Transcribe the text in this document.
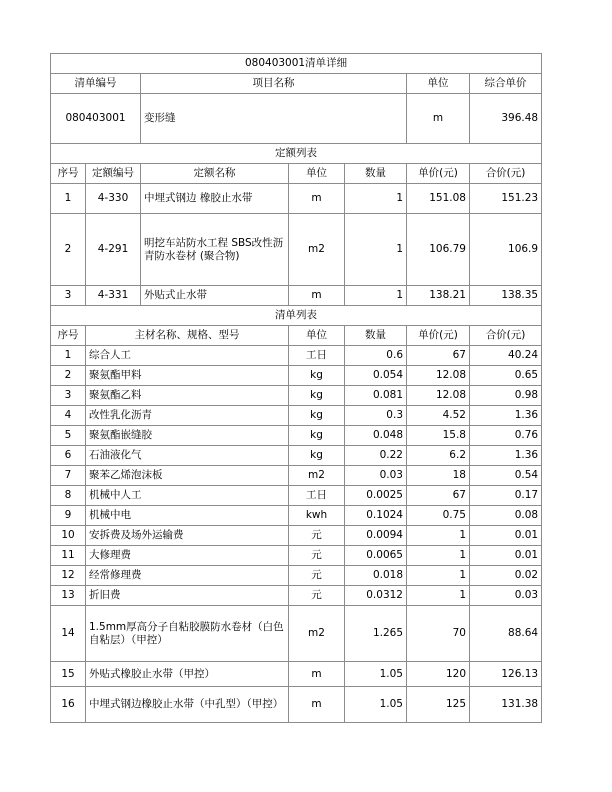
080403001清单详细						
清单编号		项目名称			单位	综合单价
080403001		变形缝			m	396.48
定额列表						
序号	定额编号	定额名称	单位	数量	单价(元)	合价(元)
1	4-330	中埋式钢边 橡胶止水带	m	1	151.08	151.23
2	4-291	明挖车站防水工程 SBS改性沥青防水卷材 (聚合物)	m2	1	106.79	106.9
3	4-331	外贴式止水带	m	1	138.21	138.35
清单列表						
序号	主材名称、规格、型号		单位	数量	单价(元)	合价(元)
1	综合人工		工日	0.6	67	40.24
2	聚氨酯甲料		kg	0.054	12.08	0.65
3	聚氨酯乙料		kg	0.081	12.08	0.98
4	改性乳化沥青		kg	0.3	4.52	1.36
5	聚氨酯嵌缝胶		kg	0.048	15.8	0.76
6	石油液化气		kg	0.22	6.2	1.36
7	聚苯乙烯泡沫板		m2	0.03	18	0.54
8	机械中人工		工日	0.0025	67	0.17
9	机械中电		kwh	0.1024	0.75	0.08
10	安拆费及场外运输费		元	0.0094	1	0.01
11	大修理费		元	0.0065	1	0.01
12	经常修理费		元	0.018	1	0.02
13	折旧费		元	0.0312	1	0.03
14	1.5mm厚高分子自粘胶膜防水卷材（白色自粘层）（甲控）		m2	1.265	70	88.64
15	外贴式橡胶止水带（甲控）		m	1.05	120	126.13
16	中埋式钢边橡胶止水带（中孔型）（甲控）		m	1.05	125	131.38
